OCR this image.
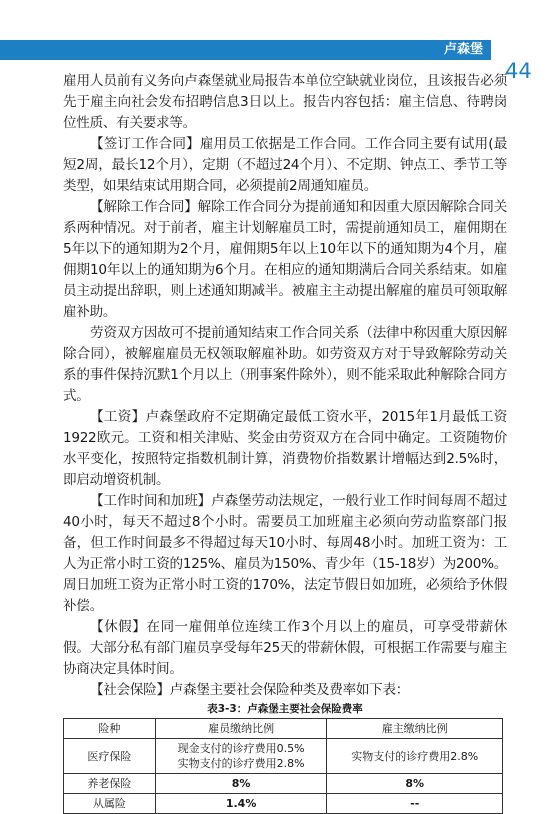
卢森堡
44

雇用人员前有义务向卢森堡就业局报告本单位空缺就业岗位，且该报告必须先于雇主向社会发布招聘信息3日以上。报告内容包括：雇主信息、待聘岗位性质、有关要求等。

【签订工作合同】雇用员工依据是工作合同。工作合同主要有试用(最短2周，最长12个月），定期（不超过24个月）、不定期、钟点工、季节工等类型，如果结束试用期合同，必须提前2周通知雇员。

【解除工作合同】解除工作合同分为提前通知和因重大原因解除合同关系两种情况。对于前者，雇主计划解雇员工时，需提前通知员工，雇佣期在5年以下的通知期为2个月，雇佣期5年以上10年以下的通知期为4个月，雇佣期10年以上的通知期为6个月。在相应的通知期满后合同关系结束。如雇员主动提出辞职，则上述通知期减半。被雇主主动提出解雇的雇员可领取解雇补助。

劳资双方因故可不提前通知结束工作合同关系（法律中称因重大原因解除合同），被解雇雇员无权领取解雇补助。如劳资双方对于导致解除劳动关系的事件保持沉默1个月以上（刑事案件除外），则不能采取此种解除合同方式。

【工资】卢森堡政府不定期确定最低工资水平，2015年1月最低工资1922欧元。工资和相关津贴、奖金由劳资双方在合同中确定。工资随物价水平变化，按照特定指数机制计算，消费物价指数累计增幅达到2.5%时，即启动增资机制。

【工作时间和加班】卢森堡劳动法规定，一般行业工作时间每周不超过40小时，每天不超过8个小时。需要员工加班雇主必须向劳动监察部门报备，但工作时间最多不得超过每天10小时、每周48小时。加班工资为：工人为正常小时工资的125%、雇员为150%、青少年（15-18岁）为200%。周日加班工资为正常小时工资的170%，法定节假日如加班，必须给予休假补偿。

【休假】在同一雇佣单位连续工作3个月以上的雇员，可享受带薪休假。大部分私有部门雇员享受每年25天的带薪休假，可根据工作需要与雇主协商决定具体时间。

【社会保险】卢森堡主要社会保险种类及费率如下表：

表3-3：卢森堡主要社会保险费率
险种	雇员缴纳比例	雇主缴纳比例
医疗保险	现金支付的诊疗费用0.5%
实物支付的诊疗费用2.8%	实物支付的诊疗费用2.8%
养老保险	8%	8%
从属险	1.4%	--
